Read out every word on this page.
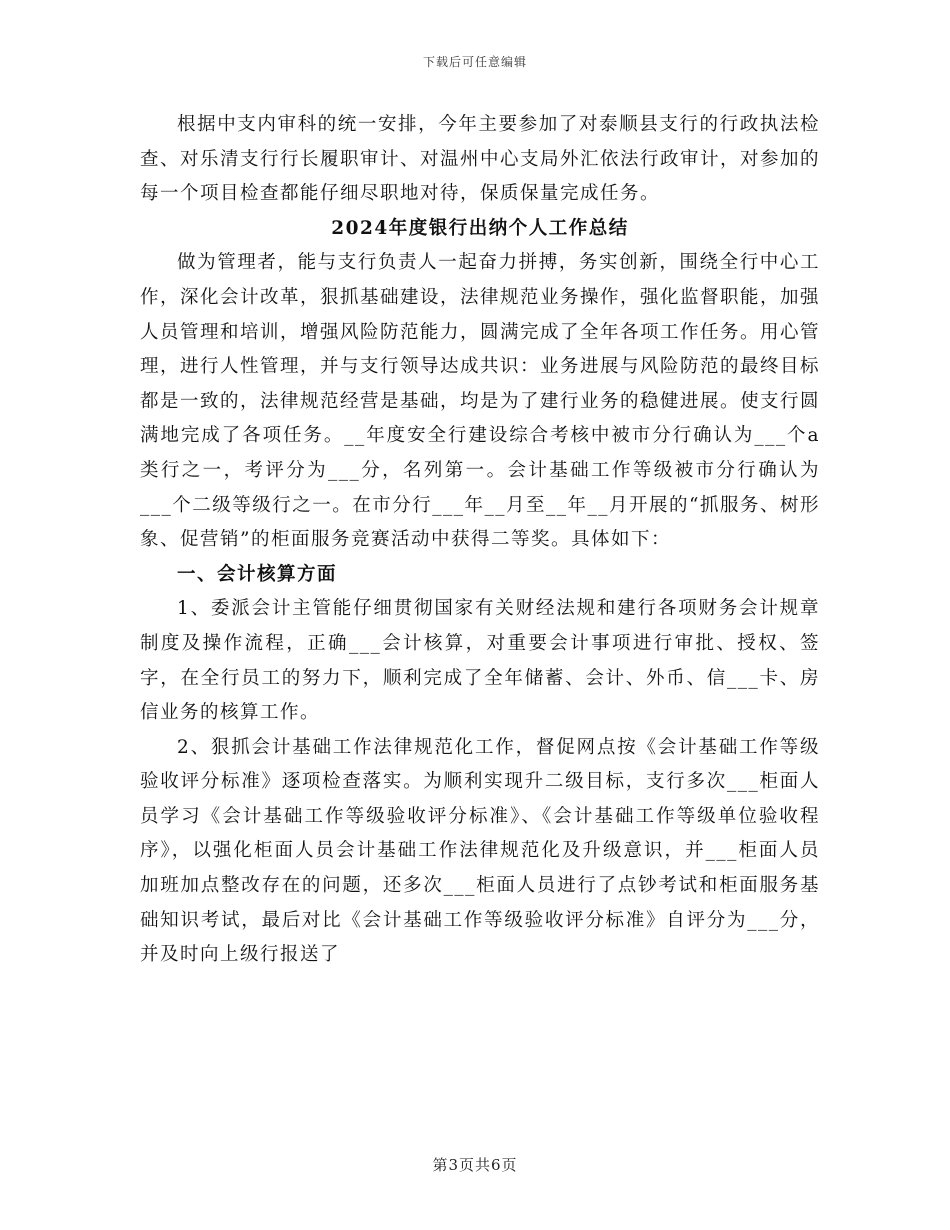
下载后可任意编辑

根据中支内审科的统一安排，今年主要参加了对泰顺县支行的行政执法检查、对乐清支行行长履职审计、对温州中心支局外汇依法行政审计，对参加的每一个项目检查都能仔细尽职地对待，保质保量完成任务。

2024年度银行出纳个人工作总结

做为管理者，能与支行负责人一起奋力拼搏，务实创新，围绕全行中心工作，深化会计改革，狠抓基础建设，法律规范业务操作，强化监督职能，加强人员管理和培训，增强风险防范能力，圆满完成了全年各项工作任务。用心管理，进行人性管理，并与支行领导达成共识：业务进展与风险防范的最终目标都是一致的，法律规范经营是基础，均是为了建行业务的稳健进展。使支行圆满地完成了各项任务。__年度安全行建设综合考核中被市分行确认为___个a类行之一，考评分为___分，名列第一。会计基础工作等级被市分行确认为___个二级等级行之一。在市分行___年__月至__年__月开展的“抓服务、树形象、促营销”的柜面服务竞赛活动中获得二等奖。具体如下：

一、会计核算方面

1、委派会计主管能仔细贯彻国家有关财经法规和建行各项财务会计规章制度及操作流程，正确___会计核算，对重要会计事项进行审批、授权、签字，在全行员工的努力下，顺利完成了全年储蓄、会计、外币、信___卡、房信业务的核算工作。

2、狠抓会计基础工作法律规范化工作，督促网点按《会计基础工作等级验收评分标准》逐项检查落实。为顺利实现升二级目标，支行多次___柜面人员学习《会计基础工作等级验收评分标准》、《会计基础工作等级单位验收程序》，以强化柜面人员会计基础工作法律规范化及升级意识，并___柜面人员加班加点整改存在的问题，还多次___柜面人员进行了点钞考试和柜面服务基础知识考试，最后对比《会计基础工作等级验收评分标准》自评分为___分，并及时向上级行报送了

第3页共6页
